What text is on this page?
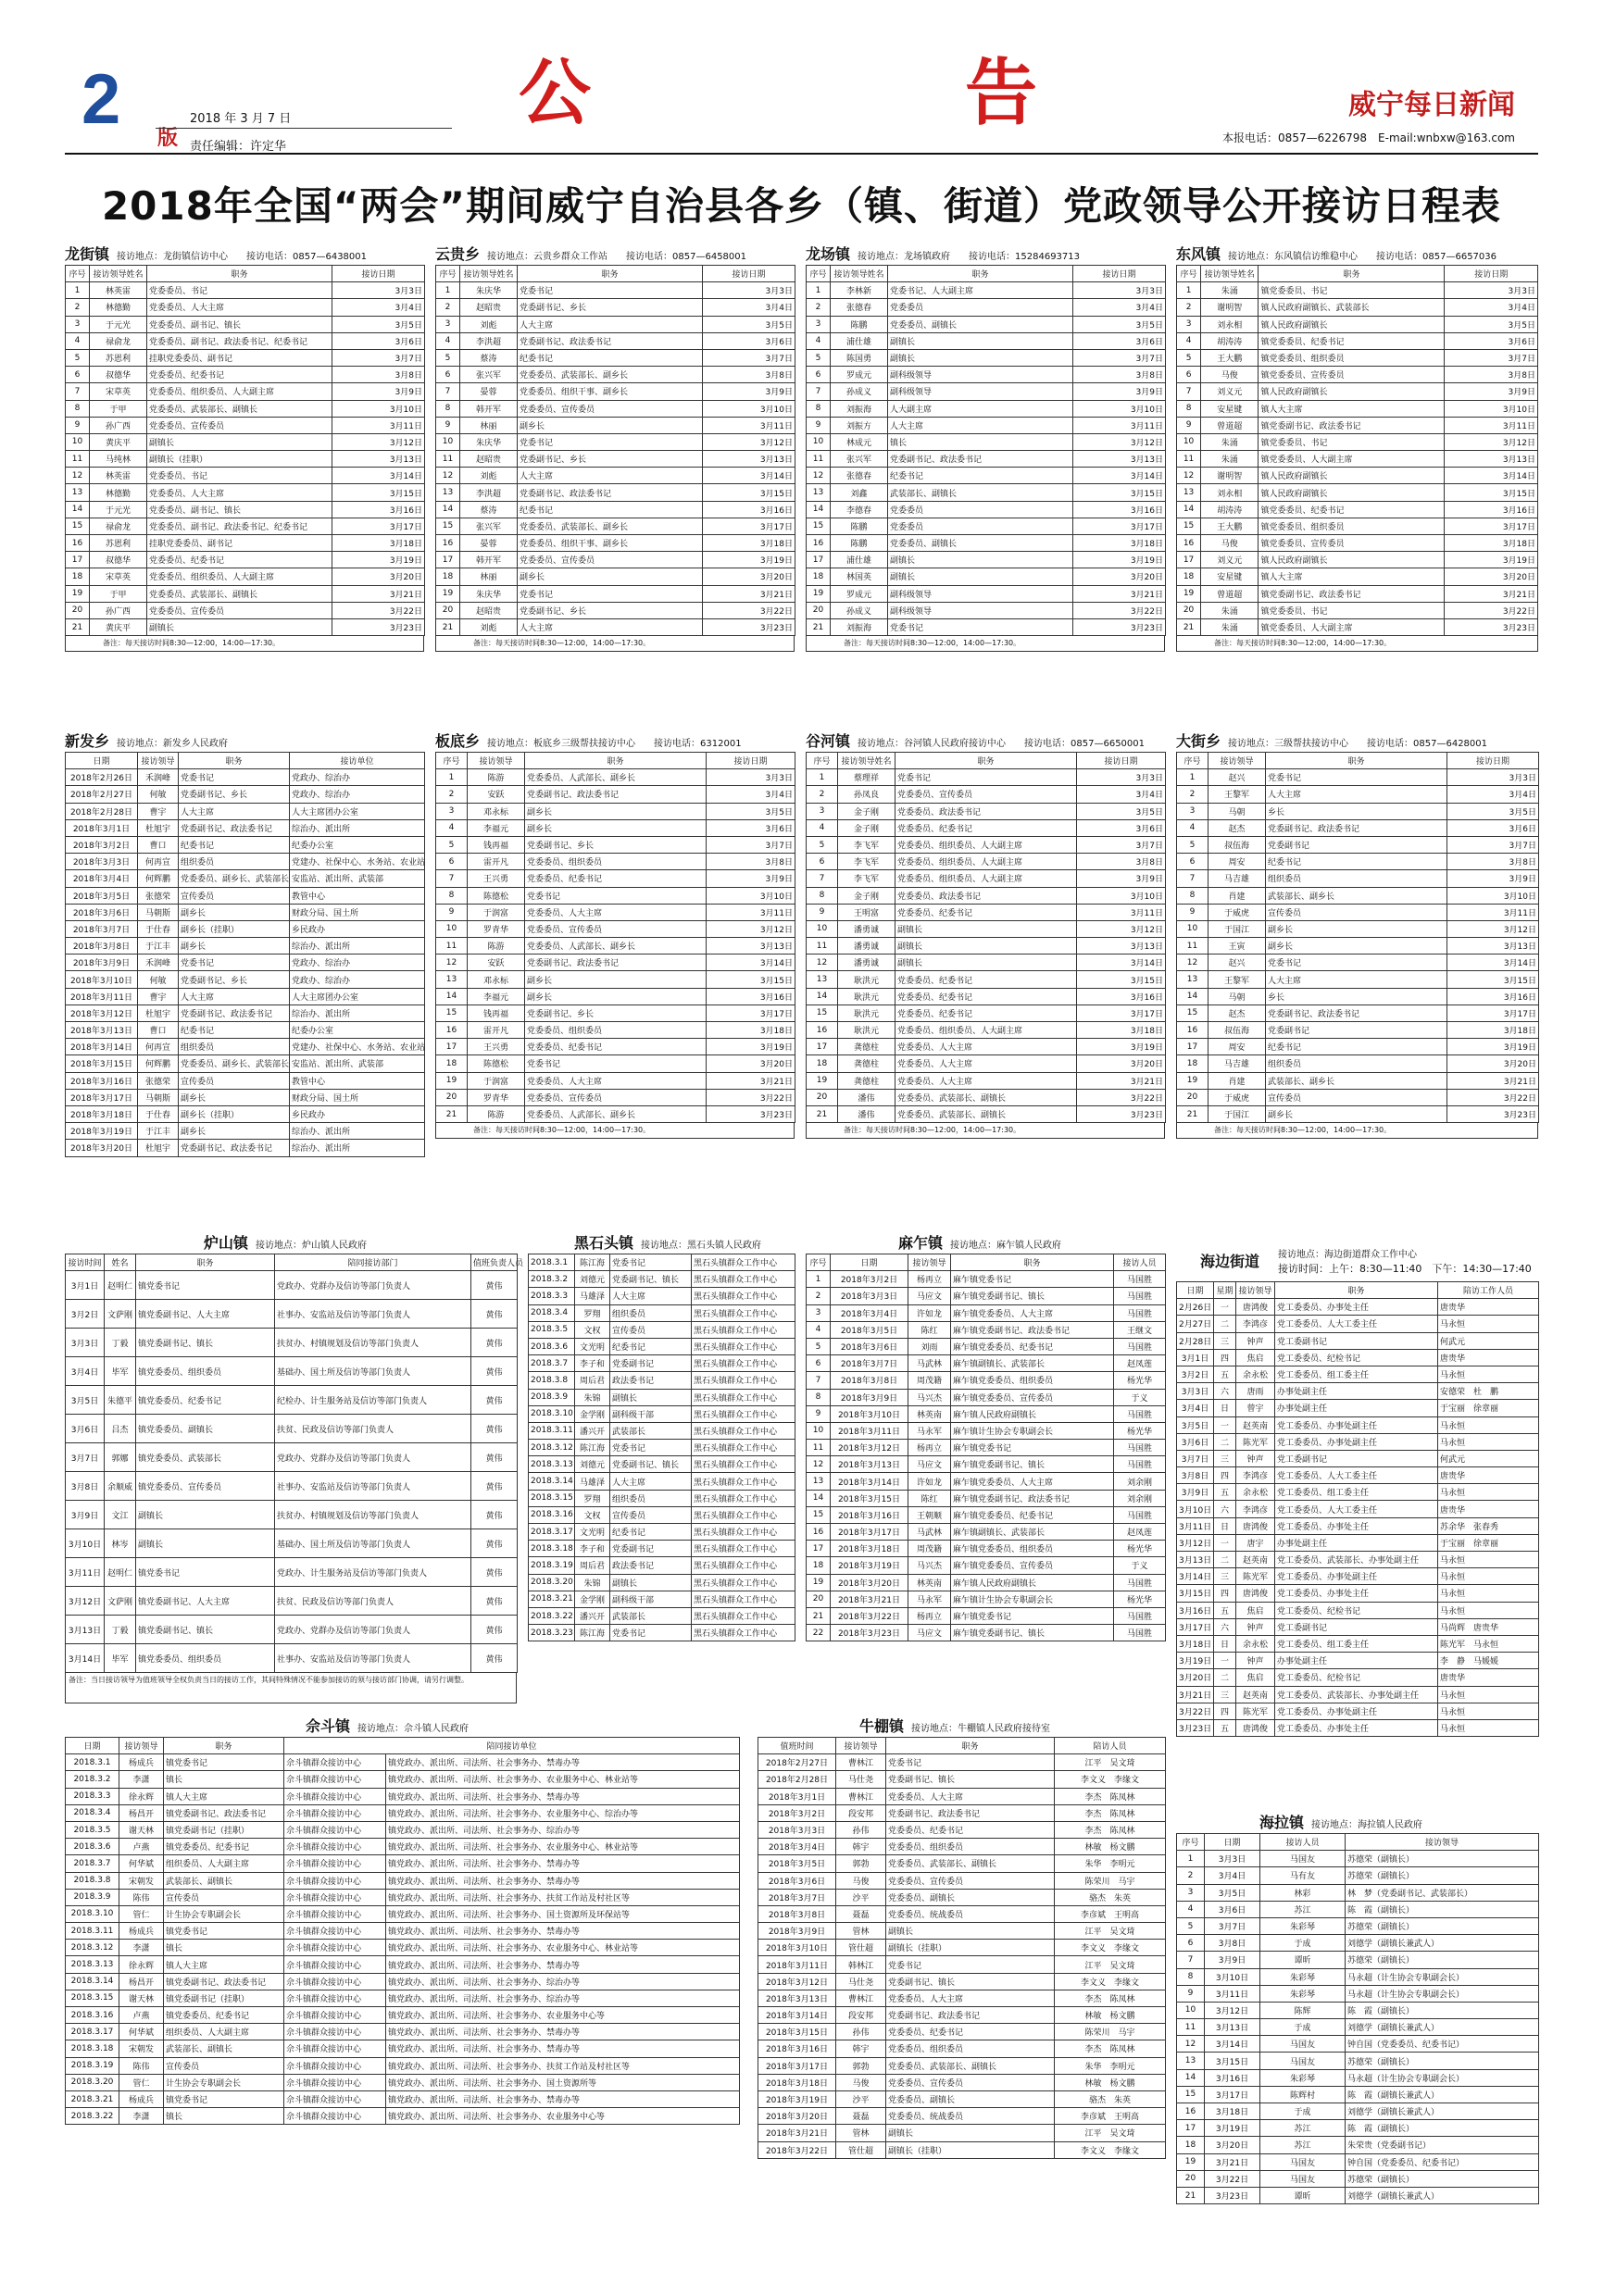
2 版
2018 年 3 月 7 日
责任编辑：许定华
公	告	威宁每日新闻
本报电话：0857—6226798　E-mail:wnbxw@163.com
2018年全国“两会”期间威宁自治县各乡（镇、街道）党政领导公开接访日程表
龙街镇 接访地点：龙街镇信访中心　　接访电话：0857—6438001
序号	接访领导姓名	职务	接访日期
1	林英雷	党委委员、书记	3月3日
2	林德勤	党委委员、人大主席	3月4日
3	于元光	党委委员、副书记、镇长	3月5日
4	禄俞龙	党委委员、副书记、政法委书记、纪委书记	3月6日
5	苏恩利	挂职党委委员、副书记	3月7日
6	叔德华	党委委员、纪委书记	3月8日
7	宋草英	党委委员、组织委员、人大副主席	3月9日
8	于甲	党委委员、武装部长、副镇长	3月10日
9	孙广西	党委委员、宣传委员	3月11日
10	黄庆平	副镇长	3月12日
11	马纯林	副镇长（挂职）	3月13日
12	林英雷	党委委员、书记	3月14日
13	林德勤	党委委员、人大主席	3月15日
14	于元光	党委委员、副书记、镇长	3月16日
15	禄俞龙	党委委员、副书记、政法委书记、纪委书记	3月17日
16	苏恩利	挂职党委委员、副书记	3月18日
17	叔德华	党委委员、纪委书记	3月19日
18	宋草英	党委委员、组织委员、人大副主席	3月20日
19	于甲	党委委员、武装部长、副镇长	3月21日
20	孙广西	党委委员、宣传委员	3月22日
21	黄庆平	副镇长	3月23日
备注：每天接访时间8:30—12:00，14:00—17:30。
云贵乡 接访地点：云贵乡群众工作站　　接访电话：0857—6458001
序号	接访领导姓名	职务	接访日期
1	朱庆华	党委书记	3月3日
2	赵昭贵	党委副书记、乡长	3月4日
3	刘彪	人大主席	3月5日
4	李洪超	党委副书记、政法委书记	3月6日
5	蔡涛	纪委书记	3月7日
6	张兴军	党委委员、武装部长、副乡长	3月8日
7	晏蓉	党委委员、组织干事、副乡长	3月9日
8	韩开军	党委委员、宣传委员	3月10日
9	林丽	副乡长	3月11日
10	朱庆华	党委书记	3月12日
11	赵昭贵	党委副书记、乡长	3月13日
12	刘彪	人大主席	3月14日
13	李洪超	党委副书记、政法委书记	3月15日
14	蔡涛	纪委书记	3月16日
15	张兴军	党委委员、武装部长、副乡长	3月17日
16	晏蓉	党委委员、组织干事、副乡长	3月18日
17	韩开军	党委委员、宣传委员	3月19日
18	林丽	副乡长	3月20日
19	朱庆华	党委书记	3月21日
20	赵昭贵	党委副书记、乡长	3月22日
21	刘彪	人大主席	3月23日
备注：每天接访时间8:30—12:00，14:00—17:30。
龙场镇 接访地点：龙场镇政府　　接访电话：15284693713
序号	接访领导姓名	职务	接访日期
1	李林新	党委书记、人大副主席	3月3日
2	张德春	党委委员	3月4日
3	陈鹏	党委委员、副镇长	3月5日
4	浦仕雄	副镇长	3月6日
5	陈国勇	副镇长	3月7日
6	罗成元	副科级领导	3月8日
7	孙成义	副科级领导	3月9日
8	刘振海	人大副主席	3月10日
9	刘振方	人大主席	3月11日
10	林成元	镇长	3月12日
11	张兴军	党委副书记、政法委书记	3月13日
12	张德春	纪委书记	3月14日
13	刘鑫	武装部长、副镇长	3月15日
14	李德春	党委委员	3月16日
15	陈鹏	党委委员	3月17日
16	陈鹏	党委委员、副镇长	3月18日
17	浦仕雄	副镇长	3月19日
18	林国英	副镇长	3月20日
19	罗成元	副科级领导	3月21日
20	孙成义	副科级领导	3月22日
21	刘振海	党委书记	3月23日
备注：每天接访时间8:30—12:00，14:00—17:30。
东风镇 接访地点：东风镇信访维稳中心　　接访电话：0857—6657036
序号	接访领导姓名	职务	接访日期
1	朱涌	镇党委委员、书记	3月3日
2	谢明智	镇人民政府副镇长、武装部长	3月4日
3	刘永相	镇人民政府副镇长	3月5日
4	胡涛涛	镇党委委员、纪委书记	3月6日
5	王大鹏	镇党委委员、组织委员	3月7日
6	马俊	镇党委委员、宣传委员	3月8日
7	刘义元	镇人民政府副镇长	3月9日
8	安星键	镇人大主席	3月10日
9	曾道超	镇党委副书记、政法委书记	3月11日
10	朱涌	镇党委委员、书记	3月12日
11	朱涌	镇党委委员、人大副主席	3月13日
12	谢明智	镇人民政府副镇长	3月14日
13	刘永相	镇人民政府副镇长	3月15日
14	胡涛涛	镇党委委员、纪委书记	3月16日
15	王大鹏	镇党委委员、组织委员	3月17日
16	马俊	镇党委委员、宣传委员	3月18日
17	刘义元	镇人民政府副镇长	3月19日
18	安星键	镇人大主席	3月20日
19	曾道超	镇党委副书记、政法委书记	3月21日
20	朱涌	镇党委委员、书记	3月22日
21	朱涌	镇党委委员、人大副主席	3月23日
备注：每天接访时间8:30—12:00，14:00—17:30。
新发乡 接访地点：新发乡人民政府
日期	接访领导	职务	接访单位
2018年2月26日	禾润峰	党委书记	党政办、综治办
2018年2月27日	何敏	党委副书记、乡长	党政办、综治办
2018年2月28日	曹宇	人大主席	人大主席团办公室
2018年3月1日	杜旭宇	党委副书记、政法委书记	综治办、派出所
2018年3月2日	曹口	纪委书记	纪委办公室
2018年3月3日	何再宣	组织委员	党建办、社保中心、水务站、农业站
2018年3月4日	何辉鹏	党委委员、副乡长、武装部长	安监站、派出所、武装部
2018年3月5日	张德荣	宣传委员	教管中心
2018年3月6日	马朝斯	副乡长	财政分局、国土所
2018年3月7日	于仕春	副乡长（挂职）	乡民政办
2018年3月8日	于江丰	副乡长	综治办、派出所
2018年3月9日	禾润峰	党委书记	党政办、综治办
2018年3月10日	何敏	党委副书记、乡长	党政办、综治办
2018年3月11日	曹宇	人大主席	人大主席团办公室
2018年3月12日	杜旭宇	党委副书记、政法委书记	综治办、派出所
2018年3月13日	曹口	纪委书记	纪委办公室
2018年3月14日	何再宣	组织委员	党建办、社保中心、水务站、农业站
2018年3月15日	何辉鹏	党委委员、副乡长、武装部长	安监站、派出所、武装部
2018年3月16日	张德荣	宣传委员	教管中心
2018年3月17日	马朝斯	副乡长	财政分局、国土所
2018年3月18日	于仕春	副乡长（挂职）	乡民政办
2018年3月19日	于江丰	副乡长	综治办、派出所
2018年3月20日	杜旭宇	党委副书记、政法委书记	综治办、派出所
板底乡 接访地点：板底乡三级帮扶接访中心　　接访电话：6312001
序号	接访领导	职务	接访日期
1	陈游	党委委员、人武部长、副乡长	3月3日
2	安跃	党委副书记、政法委书记	3月4日
3	邓永标	副乡长	3月5日
4	李福元	副乡长	3月6日
5	钱再福	党委副书记、乡长	3月7日
6	雷开凡	党委委员、组织委员	3月8日
7	王兴勇	党委委员、纪委书记	3月9日
8	陈德松	党委书记	3月10日
9	于润富	党委委员、人大主席	3月11日
10	罗青华	党委委员、宣传委员	3月12日
11	陈游	党委委员、人武部长、副乡长	3月13日
12	安跃	党委副书记、政法委书记	3月14日
13	邓永标	副乡长	3月15日
14	李福元	副乡长	3月16日
15	钱再福	党委副书记、乡长	3月17日
16	雷开凡	党委委员、组织委员	3月18日
17	王兴勇	党委委员、纪委书记	3月19日
18	陈德松	党委书记	3月20日
19	于润富	党委委员、人大主席	3月21日
20	罗青华	党委委员、宣传委员	3月22日
21	陈游	党委委员、人武部长、副乡长	3月23日
备注：每天接访时间8:30—12:00，14:00—17:30。
谷河镇 接访地点：谷河镇人民政府接访中心　　接访电话：0857—6650001
序号	接访领导姓名	职务	接访日期
1	蔡理祥	党委书记	3月3日
2	孙凤良	党委委员、宣传委员	3月4日
3	金子刚	党委委员、政法委书记	3月5日
4	金子刚	党委委员、纪委书记	3月6日
5	李飞军	党委委员、组织委员、人大副主席	3月7日
6	李飞军	党委委员、组织委员、人大副主席	3月8日
7	李飞军	党委委员、组织委员、人大副主席	3月9日
8	金子刚	党委委员、政法委书记	3月10日
9	王明富	党委委员、纪委书记	3月11日
10	潘勇诚	副镇长	3月12日
11	潘勇诚	副镇长	3月13日
12	潘勇诚	副镇长	3月14日
13	耿洪元	党委委员、纪委书记	3月15日
14	耿洪元	党委委员、纪委书记	3月16日
15	耿洪元	党委委员、纪委书记	3月17日
16	耿洪元	党委委员、组织委员、人大副主席	3月18日
17	龚德柱	党委委员、人大主席	3月19日
18	龚德柱	党委委员、人大主席	3月20日
19	龚德柱	党委委员、人大主席	3月21日
20	潘伟	党委委员、武装部长、副镇长	3月22日
21	潘伟	党委委员、武装部长、副镇长	3月23日
备注：每天接访时间8:30—12:00，14:00—17:30。
大街乡 接访地点：三级帮扶接访中心　　接访电话：0857—6428001
序号	接访领导	职务	接访日期
1	赵兴	党委书记	3月3日
2	王黎军	人大主席	3月4日
3	马朝	乡长	3月5日
4	赵杰	党委副书记、政法委书记	3月6日
5	叔伍海	党委副书记	3月7日
6	周安	纪委书记	3月8日
7	马吉雄	组织委员	3月9日
8	肖建	武装部长、副乡长	3月10日
9	于威虎	宣传委员	3月11日
10	于国江	副乡长	3月12日
11	王寅	副乡长	3月13日
12	赵兴	党委书记	3月14日
13	王黎军	人大主席	3月15日
14	马朝	乡长	3月16日
15	赵杰	党委副书记、政法委书记	3月17日
16	叔伍海	党委副书记	3月18日
17	周安	纪委书记	3月19日
18	马吉雄	组织委员	3月20日
19	肖建	武装部长、副乡长	3月21日
20	于威虎	宣传委员	3月22日
21	于国江	副乡长	3月23日
备注：每天接访时间8:30—12:00，14:00—17:30。
炉山镇 接访地点：炉山镇人民政府
接访时间	姓名	职务	陪同接访部门	值班负责人员
3月1日	赵明仁	镇党委书记	党政办、党群办及信访等部门负责人	黄伟
3月2日	文萨刚	镇党委副书记、人大主席	社事办、安监站及信访等部门负责人	黄伟
3月3日	丁毅	镇党委副书记、镇长	扶贫办、村镇规划及信访等部门负责人	黄伟
3月4日	毕军	镇党委委员、组织委员	基础办、国土所及信访等部门负责人	黄伟
3月5日	朱德平	镇党委委员、纪委书记	纪检办、计生服务站及信访等部门负责人	黄伟
3月6日	吕杰	镇党委委员、副镇长	扶贫、民政及信访等部门负责人	黄伟
3月7日	郭娜	镇党委委员、武装部长	党政办、党群办及信访等部门负责人	黄伟
3月8日	余顺威	镇党委委员、宣传委员	社事办、安监站及信访等部门负责人	黄伟
3月9日	文江	副镇长	扶贫办、村镇规划及信访等部门负责人	黄伟
3月10日	林岑	副镇长	基础办、国土所及信访等部门负责人	黄伟
3月11日	赵明仁	镇党委书记	党政办、计生服务站及信访等部门负责人	黄伟
3月12日	文萨刚	镇党委副书记、人大主席	扶贫、民政及信访等部门负责人	黄伟
3月13日	丁毅	镇党委副书记、镇长	党政办、党群办及信访等部门负责人	黄伟
3月14日	毕军	镇党委委员、组织委员	社事办、安监站及信访等部门负责人	黄伟
备注：当日接访领导为值班领导全权负责当日的接访工作，其间特殊情况不能参加接访的须与接访部门协调，请另行调整。
黑石头镇 接访地点：黑石头镇人民政府
2018.3.1	陈江海	党委书记	黑石头镇群众工作中心
2018.3.2	刘德元	党委副书记、镇长	黑石头镇群众工作中心
2018.3.3	马雄泽	人大主席	黑石头镇群众工作中心
2018.3.4	罗翔	组织委员	黑石头镇群众工作中心
2018.3.5	文权	宣传委员	黑石头镇群众工作中心
2018.3.6	文光明	纪委书记	黑石头镇群众工作中心
2018.3.7	李子和	党委副书记	黑石头镇群众工作中心
2018.3.8	周后君	政法委书记	黑石头镇群众工作中心
2018.3.9	朱锦	副镇长	黑石头镇群众工作中心
2018.3.10	金学刚	副科级干部	黑石头镇群众工作中心
2018.3.11	潘兴开	武装部长	黑石头镇群众工作中心
2018.3.12	陈江海	党委书记	黑石头镇群众工作中心
2018.3.13	刘德元	党委副书记、镇长	黑石头镇群众工作中心
2018.3.14	马雄泽	人大主席	黑石头镇群众工作中心
2018.3.15	罗翔	组织委员	黑石头镇群众工作中心
2018.3.16	文权	宣传委员	黑石头镇群众工作中心
2018.3.17	文光明	纪委书记	黑石头镇群众工作中心
2018.3.18	李子和	党委副书记	黑石头镇群众工作中心
2018.3.19	周后君	政法委书记	黑石头镇群众工作中心
2018.3.20	朱锦	副镇长	黑石头镇群众工作中心
2018.3.21	金学刚	副科级干部	黑石头镇群众工作中心
2018.3.22	潘兴开	武装部长	黑石头镇群众工作中心
2018.3.23	陈江海	党委书记	黑石头镇群众工作中心
麻乍镇 接访地点：麻乍镇人民政府
序号	日期	接访领导	职务	接访人员
1	2018年3月2日	杨再立	麻乍镇党委书记	马国胜
2	2018年3月3日	马应文	麻乍镇党委副书记、镇长	马国胜
3	2018年3月4日	许如龙	麻乍镇党委委员、人大主席	马国胜
4	2018年3月5日	陈红	麻乍镇党委副书记、政法委书记	王继文
5	2018年3月6日	刘雨	麻乍镇党委委员、纪委书记	马国胜
6	2018年3月7日	马武林	麻乍镇副镇长、武装部长	赵凤莲
7	2018年3月8日	周茂籍	麻乍镇党委委员、组织委员	杨光华
8	2018年3月9日	马兴杰	麻乍镇党委委员、宣传委员	于义
9	2018年3月10日	林英南	麻乍镇人民政府副镇长	马国胜
10	2018年3月11日	马永军	麻乍镇计生协会专职副会长	杨光华
11	2018年3月12日	杨再立	麻乍镇党委书记	马国胜
12	2018年3月13日	马应文	麻乍镇党委副书记、镇长	马国胜
13	2018年3月14日	许如龙	麻乍镇党委委员、人大主席	刘余刚
14	2018年3月15日	陈红	麻乍镇党委副书记、政法委书记	刘余刚
15	2018年3月16日	王朝顺	麻乍镇党委委员、纪委书记	马国胜
16	2018年3月17日	马武林	麻乍镇副镇长、武装部长	赵凤莲
17	2018年3月18日	周茂籍	麻乍镇党委委员、组织委员	杨光华
18	2018年3月19日	马兴杰	麻乍镇党委委员、宣传委员	于义
19	2018年3月20日	林英南	麻乍镇人民政府副镇长	马国胜
20	2018年3月21日	马永军	麻乍镇计生协会专职副会长	杨光华
21	2018年3月22日	杨再立	麻乍镇党委书记	马国胜
22	2018年3月23日	马应文	麻乍镇党委副书记、镇长	马国胜
海边街道 接访地点：海边街道群众工作中心
接访时间：上午：8:30—11:40　下午：14:30—17:40
日期	星期	接访领导	职务	陪访工作人员
2月26日	一	唐鸿俊	党工委委员、办事处主任	唐贵华
2月27日	二	李鸿彦	党工委委员、人大工委主任	马永恒
2月28日	三	钟声	党工委副书记	何武元
3月1日	四	焦启	党工委委员、纪检书记	唐贵华
3月2日	五	余永松	党工委委员、组工委主任	马永恒
3月3日	六	唐雨	办事处副主任	安德荣　杜　鹏
3月4日	日	曾宇	办事处副主任	于宝丽　徐章丽
3月5日	一	赵英南	党工委委员、办事处副主任	马永恒
3月6日	二	陈光军	党工委委员、办事处副主任	马永恒
3月7日	三	钟声	党工委副书记	何武元
3月8日	四	李鸿彦	党工委委员、人大工委主任	唐贵华
3月9日	五	余永松	党工委委员、组工委主任	马永恒
3月10日	六	李鸿彦	党工委委员、人大工委主任	唐贵华
3月11日	日	唐鸿俊	党工委委员、办事处主任	苏余华　张春秀
3月12日	一	唐宇	办事处副主任	于宝丽　徐章丽
3月13日	二	赵英南	党工委委员、武装部长、办事处副主任	马永恒
3月14日	三	陈光军	党工委委员、办事处副主任	马永恒
3月15日	四	唐鸿俊	党工委委员、办事处主任	马永恒
3月16日	五	焦启	党工委委员、纪检书记	马永恒
3月17日	六	钟声	党工委副书记	马尚辉　唐贵华
3月18日	日	余永松	党工委委员、组工委主任	陈光军　马永恒
3月19日	一	钟声	办事处副主任	李　静　马媛媛
3月20日	二	焦启	党工委委员、纪检书记	唐贵华
3月21日	三	赵英南	党工委委员、武装部长、办事处副主任	马永恒
3月22日	四	陈光军	党工委委员、办事处副主任	马永恒
3月23日	五	唐鸿俊	党工委委员、办事处主任	马永恒
佘斗镇 接访地点：佘斗镇人民政府
日期	接访领导	职务	陪同接访单位	
2018.3.1	杨成兵	镇党委书记	佘斗镇群众接访中心	镇党政办、派出所、司法所、社会事务办、禁毒办等
2018.3.2	李潇	镇长	佘斗镇群众接访中心	镇党政办、派出所、司法所、社会事务办、农业服务中心、林业站等
2018.3.3	徐永辉	镇人大主席	佘斗镇群众接访中心	镇党政办、派出所、司法所、社会事务办、禁毒办等
2018.3.4	杨昌开	镇党委副书记、政法委书记	佘斗镇群众接访中心	镇党政办、派出所、司法所、社会事务办、农业服务中心、综治办等
2018.3.5	谢天林	镇党委副书记（挂职）	佘斗镇群众接访中心	镇党政办、派出所、司法所、社会事务办、综治办等
2018.3.6	卢燕	镇党委委员、纪委书记	佘斗镇群众接访中心	镇党政办、派出所、司法所、社会事务办、农业服务中心、林业站等
2018.3.7	何华斌	组织委员、人大副主席	佘斗镇群众接访中心	镇党政办、派出所、司法所、社会事务办、禁毒办等
2018.3.8	宋朝发	武装部长、副镇长	佘斗镇群众接访中心	镇党政办、派出所、司法所、社会事务办、禁毒办等
2018.3.9	陈伟	宣传委员	佘斗镇群众接访中心	镇党政办、派出所、司法所、社会事务办、扶贫工作站及村社区等
2018.3.10	管仁	计生协会专职副会长	佘斗镇群众接访中心	镇党政办、派出所、司法所、社会事务办、国土资源所及环保站等
2018.3.11	杨成兵	镇党委书记	佘斗镇群众接访中心	镇党政办、派出所、司法所、社会事务办、禁毒办等
2018.3.12	李潇	镇长	佘斗镇群众接访中心	镇党政办、派出所、司法所、社会事务办、农业服务中心、林业站等
2018.3.13	徐永辉	镇人大主席	佘斗镇群众接访中心	镇党政办、派出所、司法所、社会事务办、禁毒办等
2018.3.14	杨昌开	镇党委副书记、政法委书记	佘斗镇群众接访中心	镇党政办、派出所、司法所、社会事务办、综治办等
2018.3.15	谢天林	镇党委副书记（挂职）	佘斗镇群众接访中心	镇党政办、派出所、司法所、社会事务办、综治办等
2018.3.16	卢燕	镇党委委员、纪委书记	佘斗镇群众接访中心	镇党政办、派出所、司法所、社会事务办、农业服务中心等
2018.3.17	何华斌	组织委员、人大副主席	佘斗镇群众接访中心	镇党政办、派出所、司法所、社会事务办、禁毒办等
2018.3.18	宋朝发	武装部长、副镇长	佘斗镇群众接访中心	镇党政办、派出所、司法所、社会事务办、禁毒办等
2018.3.19	陈伟	宣传委员	佘斗镇群众接访中心	镇党政办、派出所、司法所、社会事务办、扶贫工作站及村社区等
2018.3.20	管仁	计生协会专职副会长	佘斗镇群众接访中心	镇党政办、派出所、司法所、社会事务办、国土资源所等
2018.3.21	杨成兵	镇党委书记	佘斗镇群众接访中心	镇党政办、派出所、司法所、社会事务办、禁毒办等
2018.3.22	李潇	镇长	佘斗镇群众接访中心	镇党政办、派出所、司法所、社会事务办、农业服务中心等
牛棚镇 接访地点：牛棚镇人民政府接待室
值班时间	接访领导	职务	陪访人员
2018年2月27日	曹林江	党委书记	江平　吴文琦
2018年2月28日	马仕尧	党委副书记、镇长	李文义　李缘文
2018年3月1日	曹林江	党委委员、人大主席	李杰　陈凤林
2018年3月2日	段安邦	党委副书记、政法委书记	李杰　陈凤林
2018年3月3日	孙伟	党委委员、纪委书记	李杰　陈凤林
2018年3月4日	韩宇	党委委员、组织委员	林敏　杨文鹏
2018年3月5日	郭勃	党委委员、武装部长、副镇长	朱华　李明元
2018年3月6日	马俊	党委委员、宣传委员	陈荣川　马宇
2018年3月7日	沙平	党委委员、副镇长	骆杰　朱英
2018年3月8日	聂磊	党委委员、统战委员	李彦斌　王明高
2018年3月9日	管林	副镇长	江平　吴文琦
2018年3月10日	管仕超	副镇长（挂职）	李文义　李缘文
2018年3月11日	韩林江	党委书记	江平　吴文琦
2018年3月12日	马仕尧	党委副书记、镇长	李文义　李缘文
2018年3月13日	曹林江	党委委员、人大主席	李杰　陈凤林
2018年3月14日	段安邦	党委副书记、政法委书记	林敏　杨文鹏
2018年3月15日	孙伟	党委委员、纪委书记	陈荣川　马宇
2018年3月16日	韩宇	党委委员、组织委员	李杰　陈凤林
2018年3月17日	郭勃	党委委员、武装部长、副镇长	朱华　李明元
2018年3月18日	马俊	党委委员、宣传委员	林敏　杨文鹏
2018年3月19日	沙平	党委委员、副镇长	骆杰　朱英
2018年3月20日	聂磊	党委委员、统战委员	李彦斌　王明高
2018年3月21日	管林	副镇长	江平　吴文琦
2018年3月22日	管仕超	副镇长（挂职）	李文义　李缘文
海拉镇 接访地点：海拉镇人民政府
序号	日期	接访人员	接访领导
1	3月3日	马国友	苏德荣（副镇长）
2	3月4日	马有友	苏德荣（副镇长）
3	3月5日	林彩	林　梦（党委副书记、武装部长）
4	3月6日	苏江	陈　霞（副镇长）
5	3月7日	朱彩琴	苏德荣（副镇长）
6	3月8日	于成	刘德学（副镇长兼武人）
7	3月9日	谭昕	苏德荣（副镇长）
8	3月10日	朱彩琴	马永超（计生协会专职副会长）
9	3月11日	朱彩琴	马永超（计生协会专职副会长）
10	3月12日	陈辉	陈　霞（副镇长）
11	3月13日	于成	刘德学（副镇长兼武人）
12	3月14日	马国友	钟自国（党委委员、纪委书记）
13	3月15日	马国友	苏德荣（副镇长）
14	3月16日	朱彩琴	马永超（计生协会专职副会长）
15	3月17日	陈辉村	陈　霞（副镇长兼武人）
16	3月18日	于成	刘德学（副镇长兼武人）
17	3月19日	苏江	陈　霞（副镇长）
18	3月20日	苏江	朱荣贵（党委副书记）
19	3月21日	马国友	钟自国（党委委员、纪委书记）
20	3月22日	马国友	苏德荣（副镇长）
21	3月23日	谭昕	刘德学（副镇长兼武人）
